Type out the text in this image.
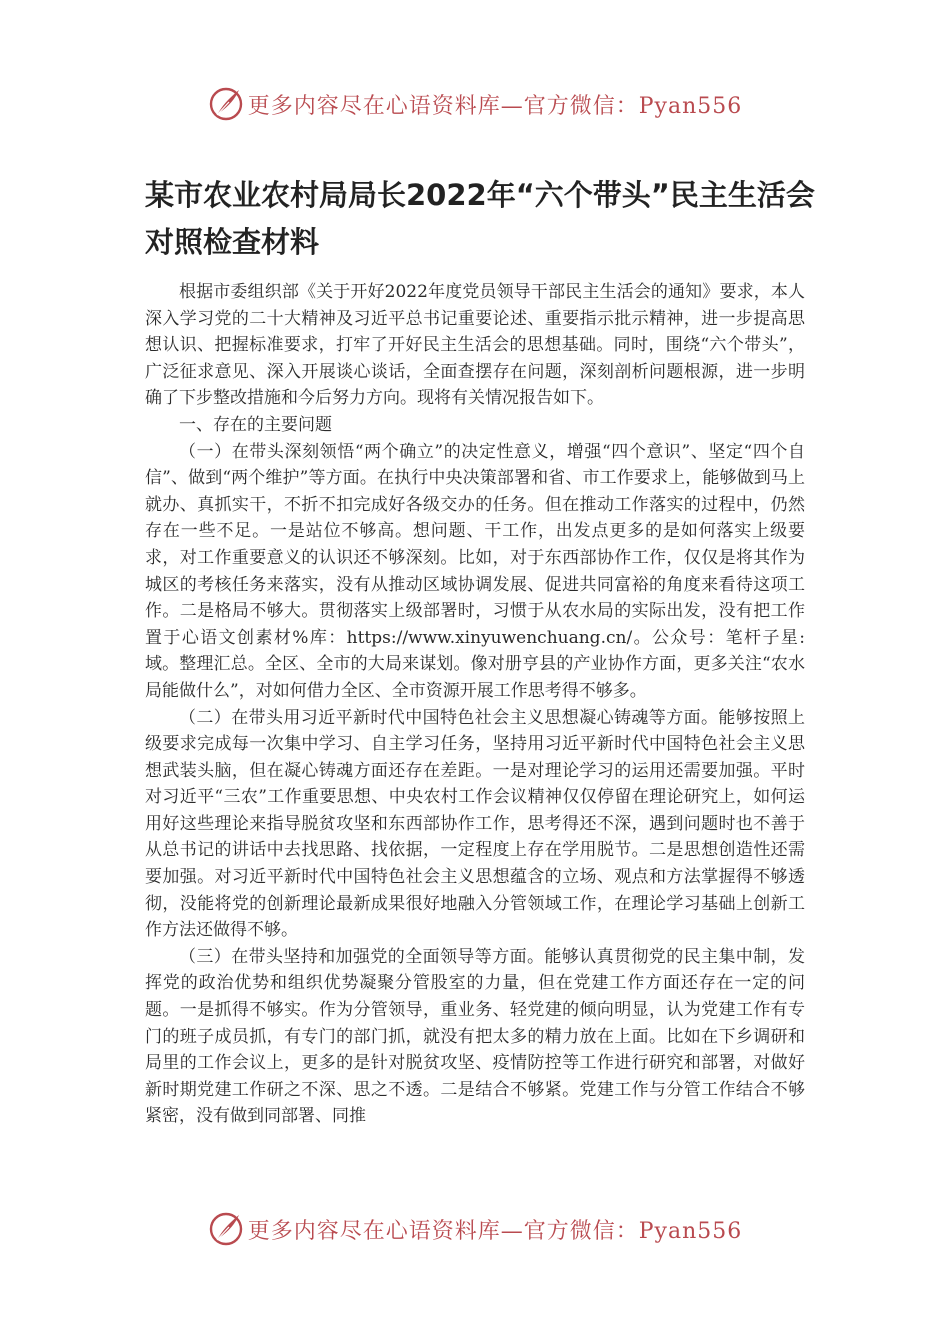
更多内容尽在心语资料库—官方微信：Pyan556
某市农业农村局局长2022年“六个带头”民主生活会对照检查材料

根据市委组织部《关于开好2022年度党员领导干部民主生活会的通知》要求，本人深入学习党的二十大精神及习近平总书记重要论述、重要指示批示精神，进一步提高思想认识、把握标准要求，打牢了开好民主生活会的思想基础。同时，围绕“六个带头”，广泛征求意见、深入开展谈心谈话，全面查摆存在问题，深刻剖析问题根源，进一步明确了下步整改措施和今后努力方向。现将有关情况报告如下。

一、存在的主要问题

（一）在带头深刻领悟“两个确立”的决定性意义，增强“四个意识”、坚定“四个自信”、做到“两个维护”等方面。在执行中央决策部署和省、市工作要求上，能够做到马上就办、真抓实干，不折不扣完成好各级交办的任务。但在推动工作落实的过程中，仍然存在一些不足。一是站位不够高。想问题、干工作，出发点更多的是如何落实上级要求，对工作重要意义的认识还不够深刻。比如，对于东西部协作工作，仅仅是将其作为城区的考核任务来落实，没有从推动区域协调发展、促进共同富裕的角度来看待这项工作。二是格局不够大。贯彻落实上级部署时，习惯于从农水局的实际出发，没有把工作置于心语文创素材%库：https://www.xinyuwenchuang.cn/。公众号：笔杆子星:域。整理汇总。全区、全市的大局来谋划。像对册亨县的产业协作方面，更多关注“农水局能做什么”，对如何借力全区、全市资源开展工作思考得不够多。

（二）在带头用习近平新时代中国特色社会主义思想凝心铸魂等方面。能够按照上级要求完成每一次集中学习、自主学习任务，坚持用习近平新时代中国特色社会主义思想武装头脑，但在凝心铸魂方面还存在差距。一是对理论学习的运用还需要加强。平时对习近平“三农”工作重要思想、中央农村工作会议精神仅仅停留在理论研究上，如何运用好这些理论来指导脱贫攻坚和东西部协作工作，思考得还不深，遇到问题时也不善于从总书记的讲话中去找思路、找依据，一定程度上存在学用脱节。二是思想创造性还需要加强。对习近平新时代中国特色社会主义思想蕴含的立场、观点和方法掌握得不够透彻，没能将党的创新理论最新成果很好地融入分管领域工作，在理论学习基础上创新工作方法还做得不够。

（三）在带头坚持和加强党的全面领导等方面。能够认真贯彻党的民主集中制，发挥党的政治优势和组织优势凝聚分管股室的力量，但在党建工作方面还存在一定的问题。一是抓得不够实。作为分管领导，重业务、轻党建的倾向明显，认为党建工作有专门的班子成员抓，有专门的部门抓，就没有把太多的精力放在上面。比如在下乡调研和局里的工作会议上，更多的是针对脱贫攻坚、疫情防控等工作进行研究和部署，对做好新时期党建工作研之不深、思之不透。二是结合不够紧。党建工作与分管工作结合不够紧密，没有做到同部署、同推

更多内容尽在心语资料库—官方微信：Pyan556
